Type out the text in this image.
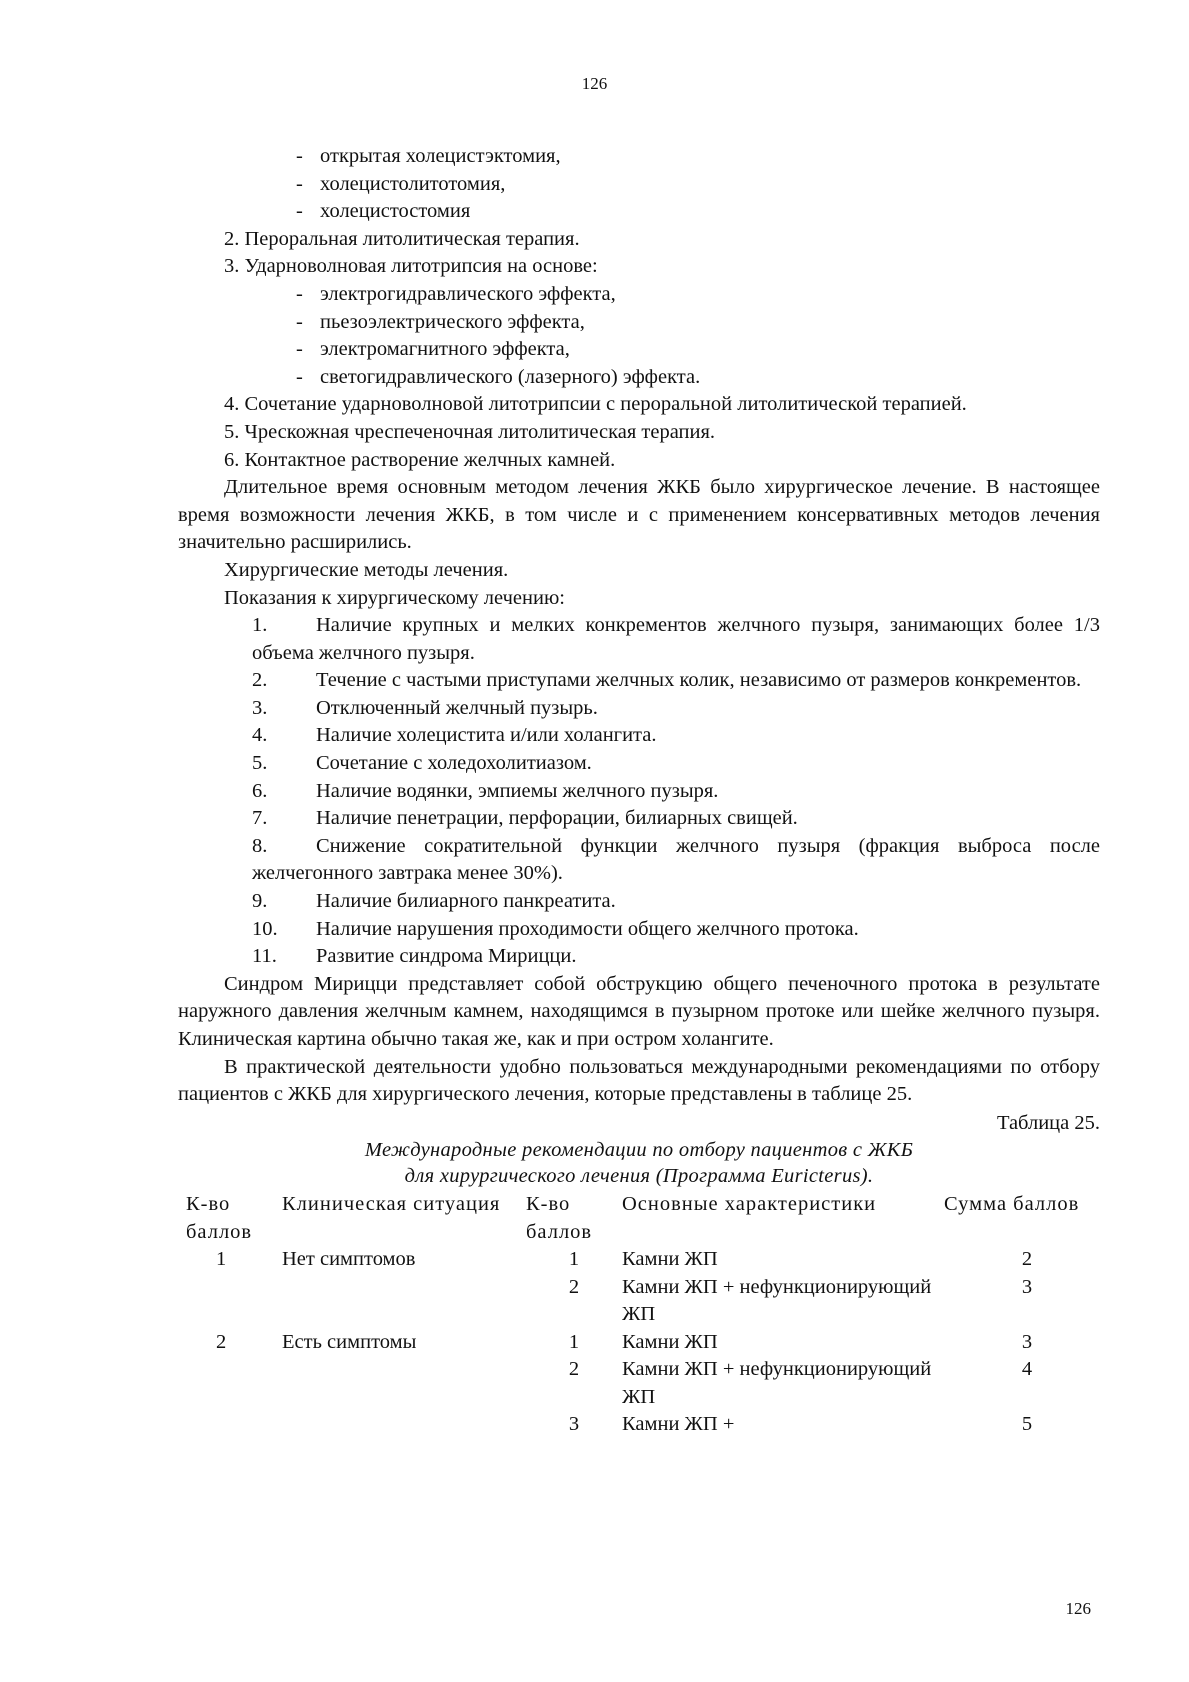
126
- открытая холецистэктомия,
- холецистолитотомия,
- холецистостомия
2. Пероральная литолитическая терапия.
3. Ударноволновая литотрипсия на основе:
- электрогидравлического эффекта,
- пьезоэлектрического эффекта,
- электромагнитного эффекта,
- светогидравлического (лазерного) эффекта.
4. Сочетание ударноволновой литотрипсии с пероральной литолитической терапией.
5. Чрескожная чреспеченочная литолитическая терапия.
6. Контактное растворение желчных камней.
Длительное время основным методом лечения ЖКБ было хирургическое лечение. В настоящее время возможности лечения ЖКБ, в том числе и с применением консервативных методов лечения значительно расширились.
Хирургические методы лечения.
Показания к хирургическому лечению:
1. Наличие крупных и мелких конкрементов желчного пузыря, занимающих более 1/3 объема желчного пузыря.
2. Течение с частыми приступами желчных колик, независимо от размеров конкрементов.
3. Отключенный желчный пузырь.
4. Наличие холецистита и/или холангита.
5. Сочетание с холедохолитиазом.
6. Наличие водянки, эмпиемы желчного пузыря.
7. Наличие пенетрации, перфорации, билиарных свищей.
8. Снижение сократительной функции желчного пузыря (фракция выброса после желчегонного завтрака менее 30%).
9. Наличие билиарного панкреатита.
10. Наличие нарушения проходимости общего желчного протока.
11. Развитие синдрома Мирицци.
Синдром Мирицци представляет собой обструкцию общего печеночного протока в результате наружного давления желчным камнем, находящимся в пузырном протоке или шейке желчного пузыря. Клиническая картина обычно такая же, как и при остром холангите.
В практической деятельности удобно пользоваться международными рекомендациями по отбору пациентов с ЖКБ для хирургического лечения, которые представлены в таблице 25.
Таблица 25.
Международные рекомендации по отбору пациентов с ЖКБ
для хирургического лечения (Программа Euricterus).
К-во баллов	Клиническая ситуация	К-во баллов	Основные характеристики	Сумма баллов
1	Нет симптомов	1	Камни ЖП	2
		2	Камни ЖП + нефункционирующий ЖП	3
2	Есть симптомы	1	Камни ЖП	3
		2	Камни ЖП + нефункционирующий ЖП	4
		3	Камни ЖП +	5
126
